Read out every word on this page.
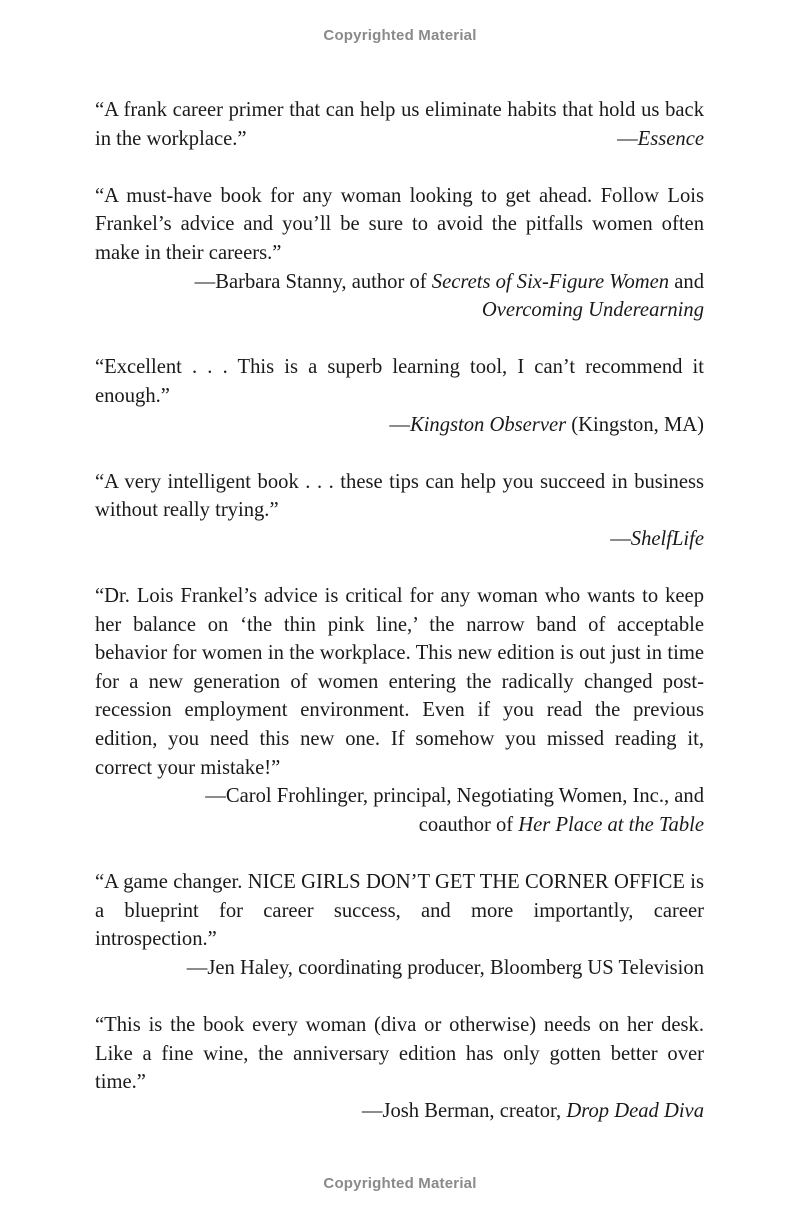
Copyrighted Material

“A frank career primer that can help us eliminate habits that hold us back in the workplace.”	—Essence

“A must-have book for any woman looking to get ahead. Follow Lois Frankel’s advice and you’ll be sure to avoid the pitfalls women often make in their careers.”

—Barbara Stanny, author of Secrets of Six-Figure Women and
Overcoming Underearning

“Excellent . . . This is a superb learning tool, I can’t recommend it enough.”

—Kingston Observer (Kingston, MA)

“A very intelligent book . . . these tips can help you succeed in business without really trying.”

—ShelfLife

“Dr. Lois Frankel’s advice is critical for any woman who wants to keep her balance on ‘the thin pink line,’ the narrow band of acceptable behavior for women in the workplace. This new edition is out just in time for a new generation of women entering the radically changed post-recession employment environment. Even if you read the previous edition, you need this new one. If somehow you missed reading it, correct your mistake!”

—Carol Frohlinger, principal, Negotiating Women, Inc., and
coauthor of Her Place at the Table

“A game changer. NICE GIRLS DON’T GET THE CORNER OFFICE is a blueprint for career success, and more importantly, career introspection.”

—Jen Haley, coordinating producer, Bloomberg US Television

“This is the book every woman (diva or otherwise) needs on her desk. Like a fine wine, the anniversary edition has only gotten better over time.”

—Josh Berman, creator, Drop Dead Diva

Copyrighted Material
